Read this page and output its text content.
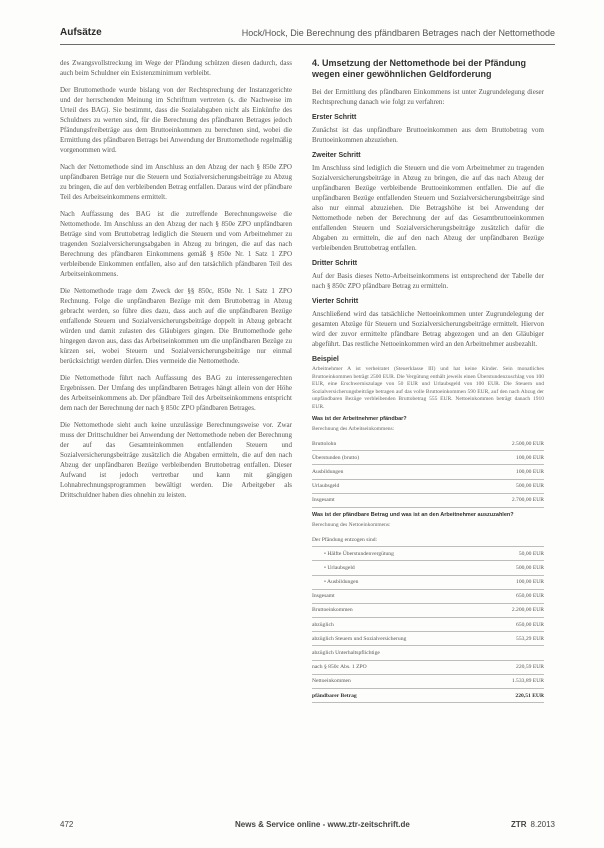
Aufsätze	Hock/Hock, Die Berechnung des pfändbaren Betrages nach der Nettomethode

des Zwangsvollstreckung im Wege der Pfändung schützen diesen dadurch, dass auch beim Schuldner ein Existenzminimum verbleibt.

Der Bruttomethode wurde bislang von der Rechtsprechung der Instanzgerichte und der herrschenden Meinung im Schrifttum vertreten (s. die Nachweise im Urteil des BAG). Sie bestimmt, dass die Sozialabgaben nicht als Einkünfte des Schuldners zu werten sind, für die Berechnung des pfändbaren Betrages jedoch Pfändungsfreibeträge aus dem Bruttoeinkommen zu berechnen sind, wobei die Ermittlung des pfändbaren Betrags bei Anwendung der Bruttomethode regelmäßig vorgenommen wird.

Nach der Nettomethode sind im Anschluss an den Abzug der nach § 850e ZPO unpfändbaren Beträge nur die Steuern und Sozialversicherungsbeiträge zu Abzug zu bringen, die auf den verbleibenden Betrag entfallen. Daraus wird der pfändbare Teil des Arbeitseinkommens ermittelt.

Nach Auffassung des BAG ist die zutreffende Berechnungsweise die Nettomethode. Im Anschluss an den Abzug der nach § 850e ZPO unpfändbaren Beträge sind vom Bruttobetrag lediglich die Steuern und vom Arbeitnehmer zu tragenden Sozialversicherungsabgaben in Abzug zu bringen, die auf das nach Berechnung des pfändbaren Einkommens gemäß § 850e Nr. 1 Satz 1 ZPO verbleibende Einkommen entfallen, also auf den tatsächlich pfändbaren Teil des Arbeitseinkommens.

Die Nettomethode trage dem Zweck der §§ 850c, 850e Nr. 1 Satz 1 ZPO Rechnung. Folge die unpfändbaren Bezüge mit dem Bruttobetrag in Abzug gebracht werden, so führe dies dazu, dass auch auf die unpfändbaren Bezüge entfallende Steuern und Sozialversicherungsbeiträge doppelt in Abzug gebracht würden und damit zulasten des Gläubigers gingen. Die Bruttomethode gehe hingegen davon aus, dass das Arbeitseinkommen um die unpfändbaren Bezüge zu kürzen sei, wobei Steuern und Sozialversicherungsbeiträge nur einmal berücksichtigt werden dürfen. Dies vermeide die Nettomethode.

Die Nettomethode führt nach Auffassung des BAG zu interessengerechten Ergebnissen. Der Umfang des unpfändbaren Betrages hängt allein von der Höhe des Arbeitseinkommens ab. Der pfändbare Teil des Arbeitseinkommens entspricht dem nach der Berechnung der nach § 850c ZPO pfändbaren Betrages.

Die Nettomethode sieht auch keine unzulässige Berechnungsweise vor. Zwar muss der Drittschuldner bei Anwendung der Nettomethode neben der Berechnung der auf das Gesamteinkommen entfallenden Steuern und Sozialversicherungsbeiträge zusätzlich die Abgaben ermitteln, die auf den nach Abzug der unpfändbaren Bezüge verbleibenden Bruttobetrag entfallen. Dieser Aufwand ist jedoch vertretbar und kann mit gängigen Lohnabrechnungsprogrammen bewältigt werden. Die Arbeitgeber als Drittschuldner haben dies ohnehin zu leisten.

4. Umsetzung der Nettomethode bei der Pfändung wegen einer gewöhnlichen Geldforderung

Bei der Ermittlung des pfändbaren Einkommens ist unter Zugrundelegung dieser Rechtsprechung danach wie folgt zu verfahren:

Erster Schritt

Zunächst ist das unpfändbare Bruttoeinkommen aus dem Bruttobetrag vom Bruttoeinkommen abzuziehen.

Zweiter Schritt

Im Anschluss sind lediglich die Steuern und die vom Arbeitnehmer zu tragenden Sozialversicherungsbeiträge in Abzug zu bringen, die auf das nach Abzug der unpfändbaren Bezüge verbleibende Bruttoeinkommen entfallen. Die auf die unpfändbaren Bezüge entfallenden Steuern und Sozialversicherungsbeiträge sind also nur einmal abzuziehen. Die Betragshöhe ist bei Anwendung der Nettomethode neben der Berechnung der auf das Gesamtbruttoeinkommen entfallenden Steuern und Sozialversicherungsbeiträge zusätzlich dafür die Abgaben zu ermitteln, die auf den nach Abzug der unpfändbaren Bezüge verbleibenden Bruttobetrag entfallen.

Dritter Schritt

Auf der Basis dieses Netto-Arbeitseinkommens ist entsprechend der Tabelle der nach § 850c ZPO pfändbare Betrag zu ermitteln.

Vierter Schritt

Anschließend wird das tatsächliche Nettoeinkommen unter Zugrundelegung der gesamten Abzüge für Steuern und Sozialversicherungsbeiträge ermittelt. Hiervon wird der zuvor ermittelte pfändbare Betrag abgezogen und an den Gläubiger abgeführt. Das restliche Nettoeinkommen wird an den Arbeitnehmer ausbezahlt.

Beispiel
Arbeitnehmer A ist verheiratet (Steuerklasse III) und hat keine Kinder. Sein monatliches Bruttoeinkommen beträgt 2500 EUR. Die Vergütung enthält jeweils einen Überstundenzuschlag von 100 EUR, eine Erschwerniszulage von 50 EUR und Urlaubsgeld von 100 EUR. Die Steuern und Sozialversicherungsbeiträge betragen auf das volle Bruttoeinkommen 590 EUR, auf den nach Abzug der unpfändbaren Bezüge verbleibenden Bruttobetrag 555 EUR. Nettoeinkommen beträgt danach 1910 EUR.
Was ist der Arbeitnehmer pfändbar?
Berechnung des Arbeitseinkommens:
Bruttolohn	2.500,00 EUR
Überstunden (brutto)	100,00 EUR
Ausbildungen	100,00 EUR
Urlaubsgeld	500,00 EUR
Insgesamt	2.700,00 EUR
Was ist der pfändbare Betrag und was ist an den Arbeitnehmer auszuzahlen?
Berechnung des Nettoeinkommens:
Der Pfändung entzogen sind:	
• Hälfte Überstundenvergütung	50,00 EUR
• Urlaubsgeld	500,00 EUR
• Ausbildungen	100,00 EUR
Insgesamt	650,00 EUR
Bruttoeinkommen	2.200,00 EUR
abzüglich	650,00 EUR
abzüglich Steuern und Sozialversicherung	553,29 EUR
abzüglich Unterhaltspflichtige	
nach § 850c Abs. 1 ZPO	220,59 EUR
Nettoeinkommen	1.533,89 EUR
pfändbarer Betrag	220,51 EUR
472	News & Service online - www.ztr-zeitschrift.de	ZTR 8.2013
